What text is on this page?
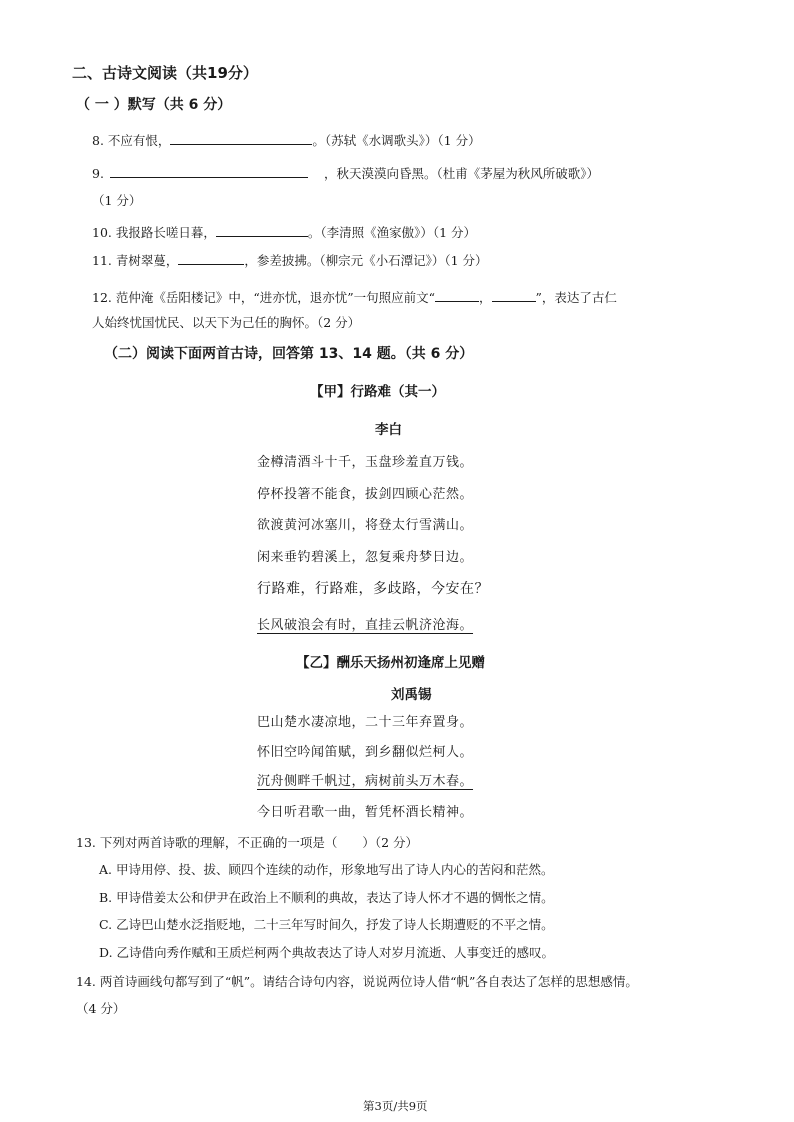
二、古诗文阅读（共19分）
（ 一 ）默写（共 6 分）
8. 不应有恨，	。（苏轼《水调歌头》）（1 分）
9.	，秋天漠漠向昏黑。（杜甫《茅屋为秋风所破歌》）
（1 分）
10. 我报路长嗟日暮，	。（李清照《渔家傲》）（1 分）
11. 青树翠蔓，	，参差披拂。（柳宗元《小石潭记》）（1 分）
12. 范仲淹《岳阳楼记》中，“进亦忧，退亦忧”一句照应前文“	，	”，表达了古仁
人始终忧国忧民、以天下为己任的胸怀。（2 分）
（二）阅读下面两首古诗，回答第 13、14 题。（共 6 分）
【甲】行路难（其一）
李白
金樽清酒斗十千，玉盘珍羞直万钱。
停杯投箸不能食，拔剑四顾心茫然。
欲渡黄河冰塞川，将登太行雪满山。
闲来垂钓碧溪上，忽复乘舟梦日边。
行路难，行路难，多歧路，今安在？
长风破浪会有时，直挂云帆济沧海。
【乙】酬乐天扬州初逢席上见赠
刘禹锡
巴山楚水凄凉地，二十三年弃置身。
怀旧空吟闻笛赋，到乡翻似烂柯人。
沉舟侧畔千帆过，病树前头万木春。
今日听君歌一曲，暂凭杯酒长精神。
13. 下列对两首诗歌的理解，不正确的一项是（　　）（2 分）
A. 甲诗用停、投、拔、顾四个连续的动作，形象地写出了诗人内心的苦闷和茫然。
B. 甲诗借姜太公和伊尹在政治上不顺利的典故，表达了诗人怀才不遇的惆怅之情。
C. 乙诗巴山楚水泛指贬地，二十三年写时间久，抒发了诗人长期遭贬的不平之情。
D. 乙诗借向秀作赋和王质烂柯两个典故表达了诗人对岁月流逝、人事变迁的感叹。
14. 两首诗画线句都写到了“帆”。请结合诗句内容，说说两位诗人借“帆”各自表达了怎样的思想感情。
（4 分）
第3页/共9页
